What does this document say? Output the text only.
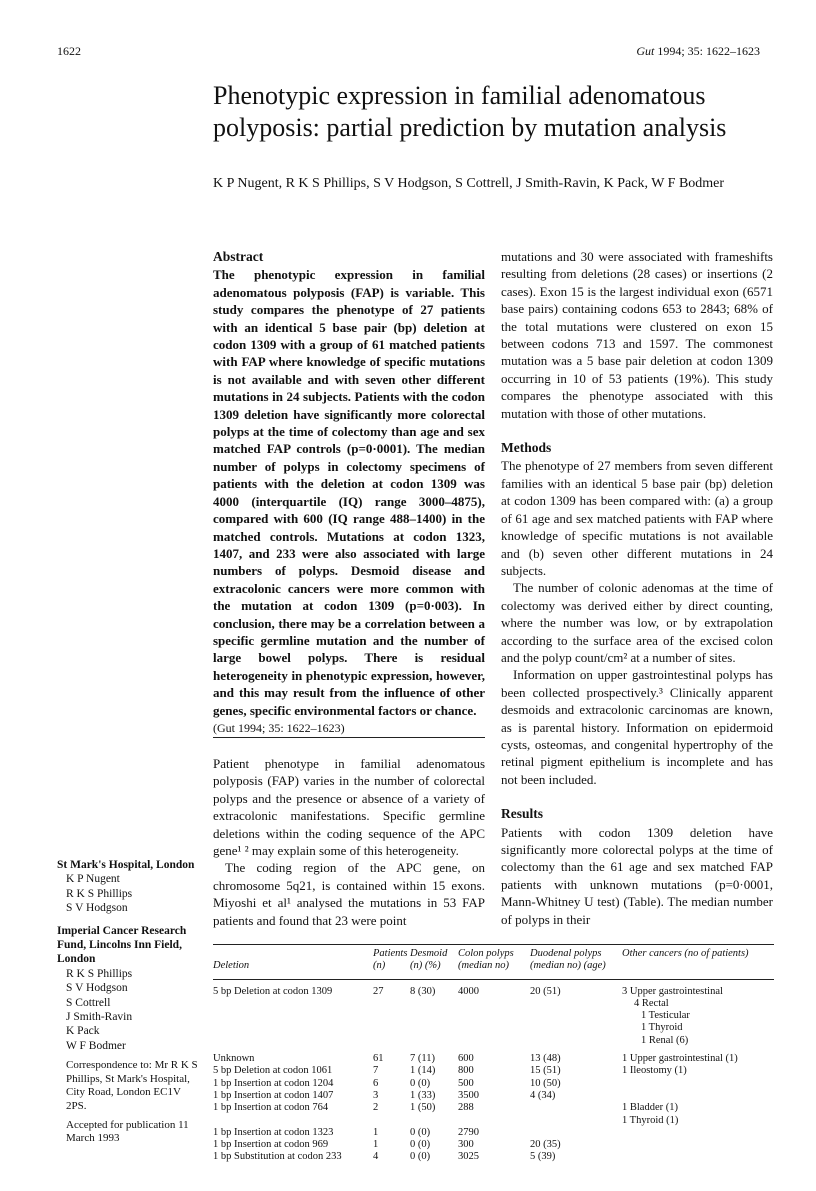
1622	Gut 1994; 35: 1622–1623
Phenotypic expression in familial adenomatous polyposis: partial prediction by mutation analysis
K P Nugent, R K S Phillips, S V Hodgson, S Cottrell, J Smith-Ravin, K Pack, W F Bodmer
Abstract
The phenotypic expression in familial adenomatous polyposis (FAP) is variable. This study compares the phenotype of 27 patients with an identical 5 base pair (bp) deletion at codon 1309 with a group of 61 matched patients with FAP where knowledge of specific mutations is not available and with seven other different mutations in 24 subjects. Patients with the codon 1309 deletion have significantly more colorectal polyps at the time of colectomy than age and sex matched FAP controls (p=0·0001). The median number of polyps in colectomy specimens of patients with the deletion at codon 1309 was 4000 (interquartile (IQ) range 3000–4875), compared with 600 (IQ range 488–1400) in the matched controls. Mutations at codon 1323, 1407, and 233 were also associated with large numbers of polyps. Desmoid disease and extracolonic cancers were more common with the mutation at codon 1309 (p=0·003). In conclusion, there may be a correlation between a specific germline mutation and the number of large bowel polyps. There is residual heterogeneity in phenotypic expression, however, and this may result from the influence of other genes, specific environmental factors or chance.
(Gut 1994; 35: 1622–1623)

Patient phenotype in familial adenomatous polyposis (FAP) varies in the number of colorectal polyps and the presence or absence of a variety of extracolonic manifestations. Specific germline deletions within the coding sequence of the APC gene¹ ² may explain some of this heterogeneity.

The coding region of the APC gene, on chromosome 5q21, is contained within 15 exons. Miyoshi et al¹ analysed the mutations in 53 FAP patients and found that 23 were point

mutations and 30 were associated with frameshifts resulting from deletions (28 cases) or insertions (2 cases). Exon 15 is the largest individual exon (6571 base pairs) containing codons 653 to 2843; 68% of the total mutations were clustered on exon 15 between codons 713 and 1597. The commonest mutation was a 5 base pair deletion at codon 1309 occurring in 10 of 53 patients (19%). This study compares the phenotype associated with this mutation with those of other mutations.

Methods

The phenotype of 27 members from seven different families with an identical 5 base pair (bp) deletion at codon 1309 has been compared with: (a) a group of 61 age and sex matched patients with FAP where knowledge of specific mutations is not available and (b) seven other different mutations in 24 subjects.

The number of colonic adenomas at the time of colectomy was derived either by direct counting, where the number was low, or by extrapolation according to the surface area of the excised colon and the polyp count/cm² at a number of sites.

Information on upper gastrointestinal polyps has been collected prospectively.³ Clinically apparent desmoids and extracolonic carcinomas are known, as is parental history. Information on epidermoid cysts, osteomas, and congenital hypertrophy of the retinal pigment epithelium is incomplete and has not been included.

Results

Patients with codon 1309 deletion have significantly more colorectal polyps at the time of colectomy than the 61 age and sex matched FAP patients with unknown mutations (p=0·0001, Mann-Whitney U test) (Table). The median number of polyps in their

St Mark's Hospital, London
K P Nugent
R K S Phillips
S V Hodgson
Imperial Cancer Research Fund, Lincolns Inn Field, London
R K S Phillips
S V Hodgson
S Cottrell
J Smith-Ravin
K Pack
W F Bodmer
Correspondence to: Mr R K S Phillips, St Mark's Hospital, City Road, London EC1V 2PS.
Accepted for publication 11 March 1993
Deletion	Patients (n)	Desmoid (n) (%)	Colon polyps (median no)	Duodenal polyps (median no) (age)	Other cancers (no of patients)
5 bp Deletion at codon 1309	27	8 (30)	4000	20 (51)	3 Upper gastrointestinal
4 Rectal
1 Testicular
1 Thyroid
1 Renal (6)

Unknown	61	7 (11)	600	13 (48)	1 Upper gastrointestinal (1)

5 bp Deletion at codon 1061	7	1 (14)	800	15 (51)	1 Ileostomy (1)

1 bp Insertion at codon 1204	6	0 (0)	500	10 (50)	
1 bp Insertion at codon 1407	3	1 (33)	3500	4 (34)	
1 bp Insertion at codon 764	2	1 (50)	288		1 Bladder (1)
1 Thyroid (1)

1 bp Insertion at codon 1323	1	0 (0)	2790		
1 bp Insertion at codon 969	1	0 (0)	300	20 (35)	
1 bp Substitution at codon 233	4	0 (0)	3025	5 (39)	
